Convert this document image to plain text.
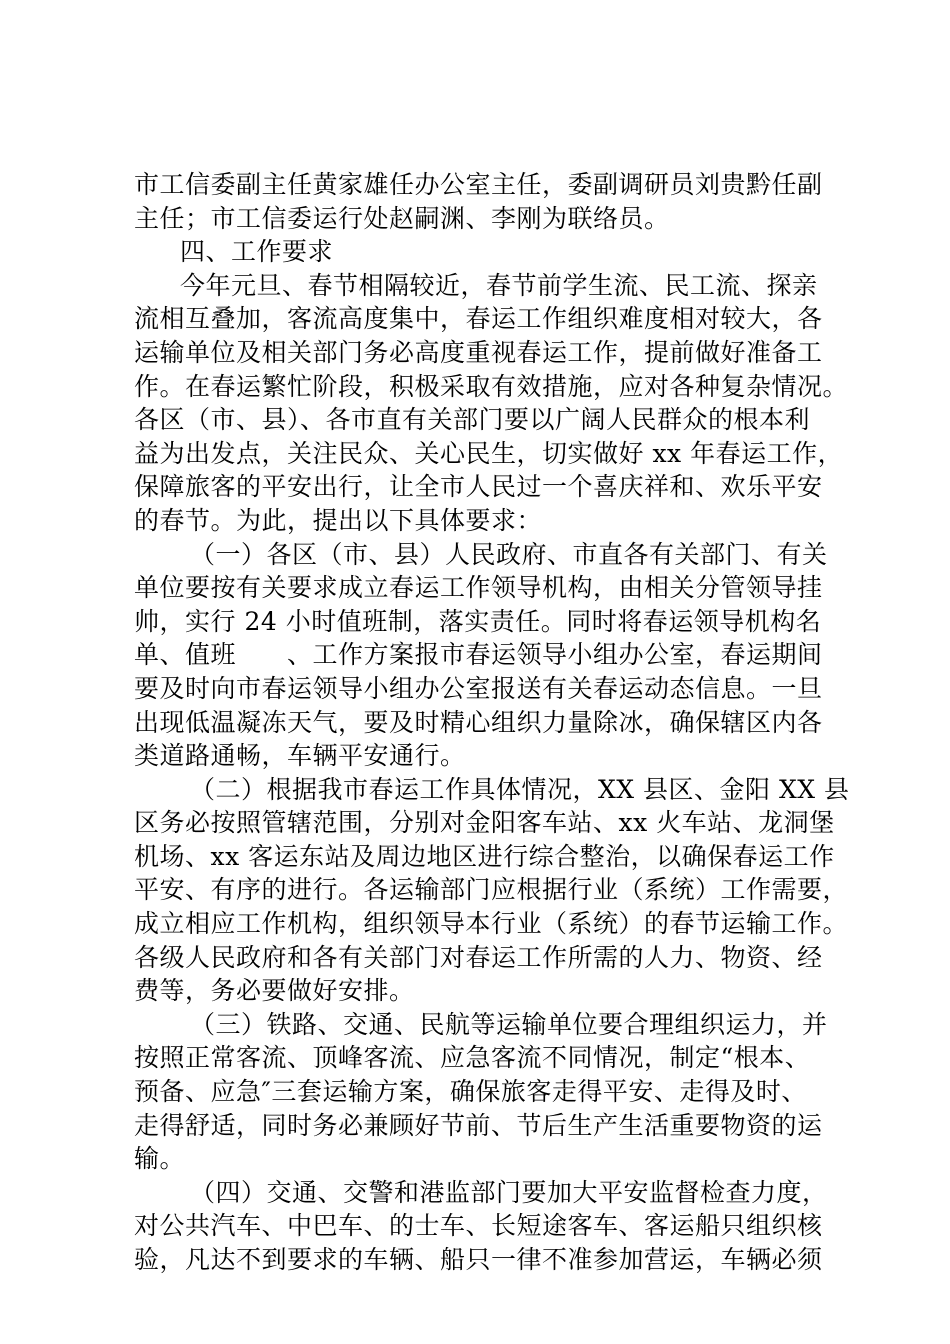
市工信委副主任黄家雄任办公室主任，委副调研员刘贵黔任副
主任；市工信委运行处赵嗣渊、李刚为联络员。
四、工作要求
今年元旦、春节相隔较近，春节前学生流、民工流、探亲
流相互叠加，客流高度集中，春运工作组织难度相对较大，各
运输单位及相关部门务必高度重视春运工作，提前做好准备工
作。在春运繁忙阶段，积极采取有效措施，应对各种复杂情况。
各区（市、县）、各市直有关部门要以广阔人民群众的根本利
益为出发点，关注民众、关心民生，切实做好 xx 年春运工作，
保障旅客的平安出行，让全市人民过一个喜庆祥和、欢乐平安
的春节。为此，提出以下具体要求：
（一）各区（市、县）人民政府、市直各有关部门、有关
单位要按有关要求成立春运工作领导机构，由相关分管领导挂
帅，实行 24 小时值班制，落实责任。同时将春运领导机构名
单、值班　　、工作方案报市春运领导小组办公室，春运期间
要及时向市春运领导小组办公室报送有关春运动态信息。一旦
出现低温凝冻天气，要及时精心组织力量除冰，确保辖区内各
类道路通畅，车辆平安通行。
（二）根据我市春运工作具体情况，XX 县区、金阳 XX 县
区务必按照管辖范围，分别对金阳客车站、xx 火车站、龙洞堡
机场、xx 客运东站及周边地区进行综合整治，以确保春运工作
平安、有序的进行。各运输部门应根据行业（系统）工作需要，
成立相应工作机构，组织领导本行业（系统）的春节运输工作。
各级人民政府和各有关部门对春运工作所需的人力、物资、经
费等，务必要做好安排。
（三）铁路、交通、民航等运输单位要合理组织运力，并
按照正常客流、顶峰客流、应急客流不同情况，制定“根本、
预备、应急″三套运输方案，确保旅客走得平安、走得及时、
走得舒适，同时务必兼顾好节前、节后生产生活重要物资的运
输。
（四）交通、交警和港监部门要加大平安监督检查力度，
对公共汽车、中巴车、的士车、长短途客车、客运船只组织核
验，凡达不到要求的车辆、船只一律不准参加营运，车辆必须
